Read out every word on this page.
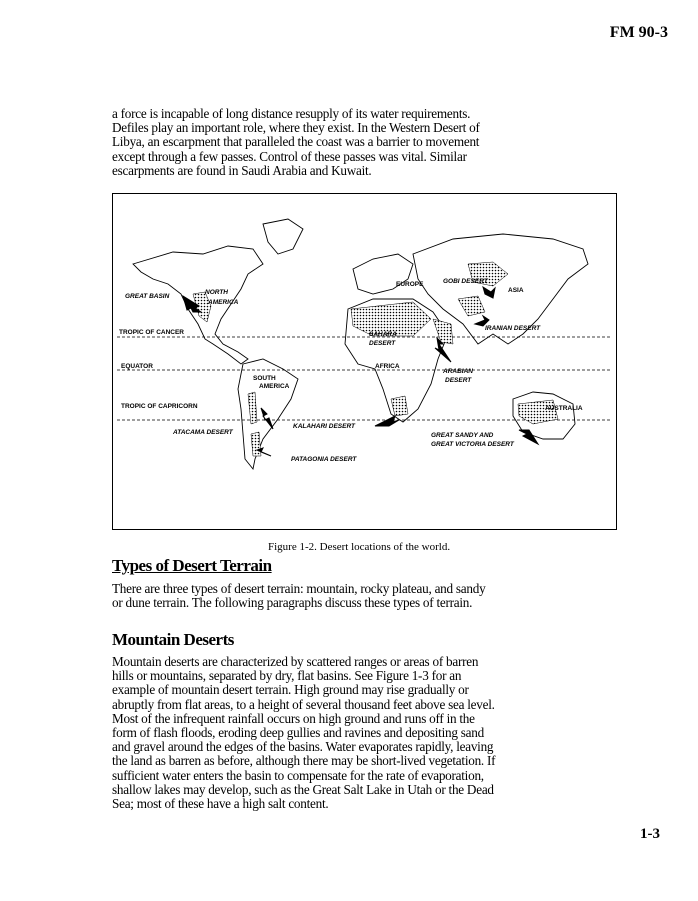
FM 90-3

a force is incapable of long distance resupply of its water requirements. Defiles play an important role, where they exist. In the Western Desert of Libya, an escarpment that paralleled the coast was a barrier to movement except through a few passes. Control of these passes was vital. Similar escarpments are found in Saudi Arabia and Kuwait.

GREAT BASIN
NORTH
AMERICA
TROPIC OF CANCER
EQUATOR
TROPIC OF CAPRICORN
SOUTH
AMERICA
ATACAMA DESERT
PATAGONIA DESERT
KALAHARI DESERT
AFRICA
SAHARA
DESERT
EUROPE	GOBI DESERT
ASIA
IRANIAN DESERT
ARABIAN
DESERT
AUSTRALIA
GREAT SANDY AND
GREAT VICTORIA DESERT
Figure 1-2. Desert locations of the world.
Types of Desert Terrain

There are three types of desert terrain: mountain, rocky plateau, and sandy or dune terrain. The following paragraphs discuss these types of terrain.

Mountain Deserts

Mountain deserts are characterized by scattered ranges or areas of barren hills or mountains, separated by dry, flat basins. See Figure 1-3 for an example of mountain desert terrain. High ground may rise gradually or abruptly from flat areas, to a height of several thousand feet above sea level. Most of the infrequent rainfall occurs on high ground and runs off in the form of flash floods, eroding deep gullies and ravines and depositing sand and gravel around the edges of the basins. Water evaporates rapidly, leaving the land as barren as before, although there may be short-lived vegetation. If sufficient water enters the basin to compensate for the rate of evaporation, shallow lakes may develop, such as the Great Salt Lake in Utah or the Dead Sea; most of these have a high salt content.

1-3
